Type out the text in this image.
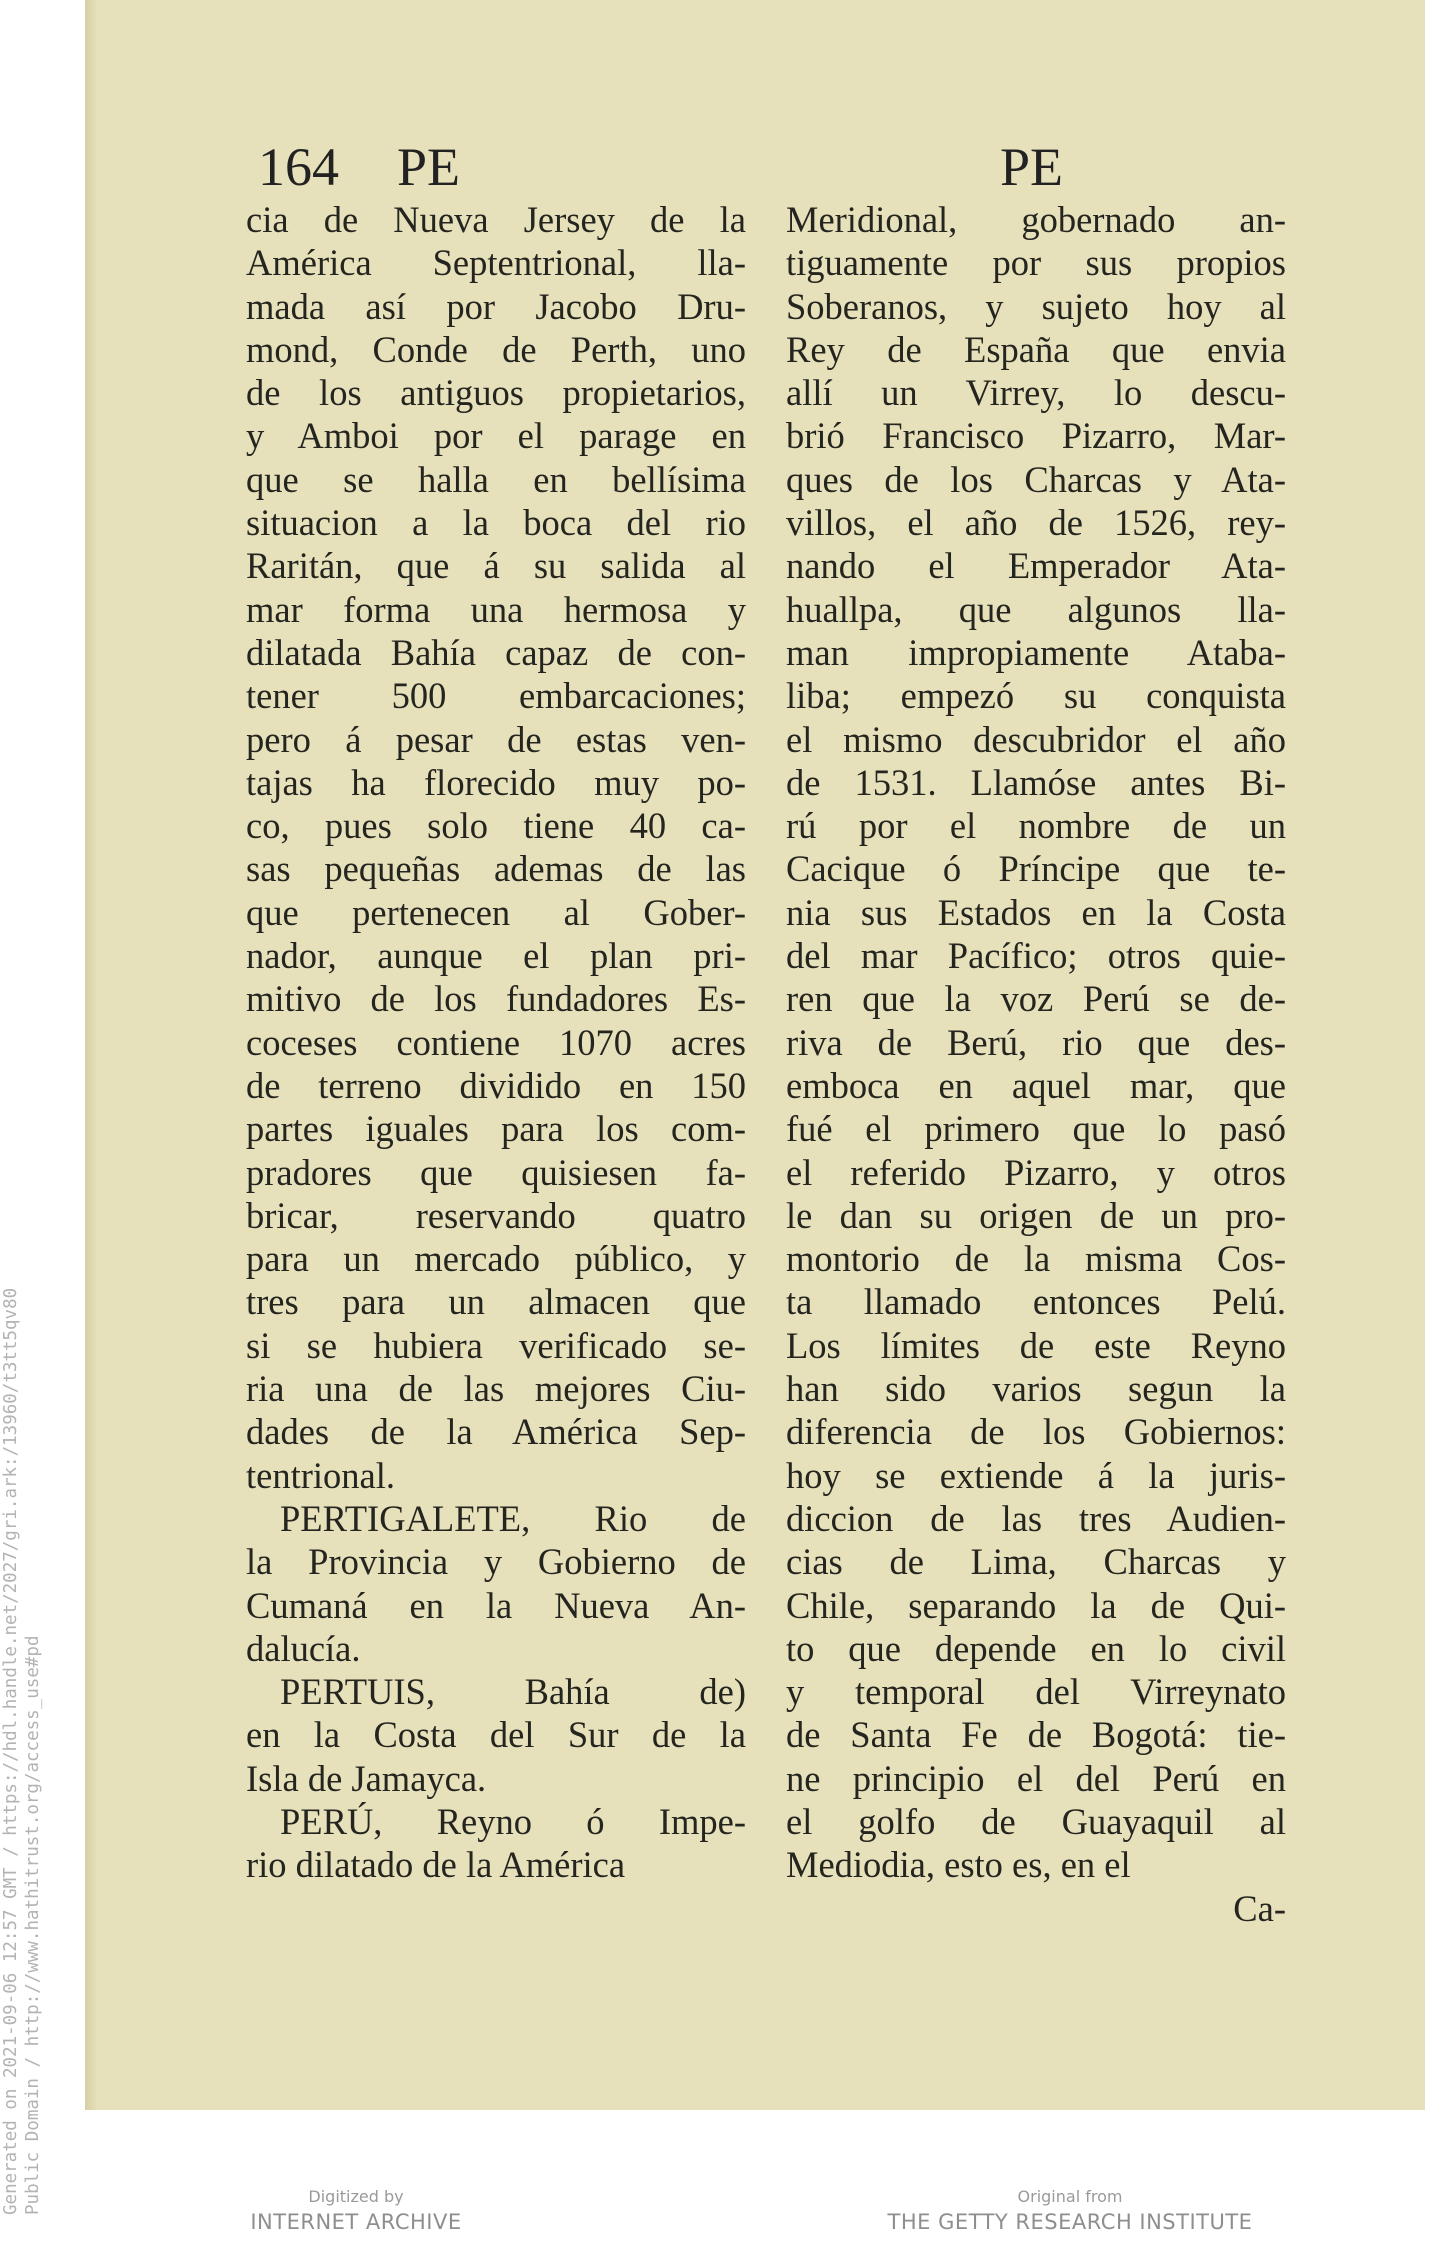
164 PE	PE
cia de Nueva Jersey de la
América Septentrional, lla-
mada así por Jacobo Dru-
mond, Conde de Perth, uno
de los antiguos propietarios,
y Amboi por el parage en
que se halla en bellísima
situacion a la boca del rio
Raritán, que á su salida al
mar forma una hermosa y
dilatada Bahía capaz de con-
tener 500 embarcaciones;
pero á pesar de estas ven-
tajas ha florecido muy po-
co, pues solo tiene 40 ca-
sas pequeñas ademas de las
que pertenecen al Gober-
nador, aunque el plan pri-
mitivo de los fundadores Es-
coceses contiene 1070 acres
de terreno dividido en 150
partes iguales para los com-
pradores que quisiesen fa-
bricar, reservando quatro
para un mercado público, y
tres para un almacen que
si se hubiera verificado se-
ria una de las mejores Ciu-
dades de la América Sep-
tentrional.
PERTIGALETE, Rio de
la Provincia y Gobierno de
Cumaná en la Nueva An-
dalucía.
PERTUIS, Bahía de)
en la Costa del Sur de la
Isla de Jamayca.
PERÚ, Reyno ó Impe-
rio dilatado de la América
Meridional, gobernado an-
tiguamente por sus propios
Soberanos, y sujeto hoy al
Rey de España que envia
allí un Virrey, lo descu-
brió Francisco Pizarro, Mar-
ques de los Charcas y Ata-
villos, el año de 1526, rey-
nando el Emperador Ata-
huallpa, que algunos lla-
man impropiamente Ataba-
liba; empezó su conquista
el mismo descubridor el año
de 1531. Llamóse antes Bi-
rú por el nombre de un
Cacique ó Príncipe que te-
nia sus Estados en la Costa
del mar Pacífico; otros quie-
ren que la voz Perú se de-
riva de Berú, rio que des-
emboca en aquel mar, que
fué el primero que lo pasó
el referido Pizarro, y otros
le dan su origen de un pro-
montorio de la misma Cos-
ta llamado entonces Pelú.
Los límites de este Reyno
han sido varios segun la
diferencia de los Gobiernos:
hoy se extiende á la juris-
diccion de las tres Audien-
cias de Lima, Charcas y
Chile, separando la de Qui-
to que depende en lo civil
y temporal del Virreynato
de Santa Fe de Bogotá: tie-
ne principio el del Perú en
el golfo de Guayaquil al
Mediodia, esto es, en el
Ca-
Generated on 2021-09-06 12:57 GMT / https://hdl.handle.net/2027/gri.ark:/13960/t3tt5qv80 Public Domain / http://www.hathitrust.org/access_use#pd	Digitized by
INTERNET ARCHIVE
Original from
THE GETTY RESEARCH INSTITUTE
